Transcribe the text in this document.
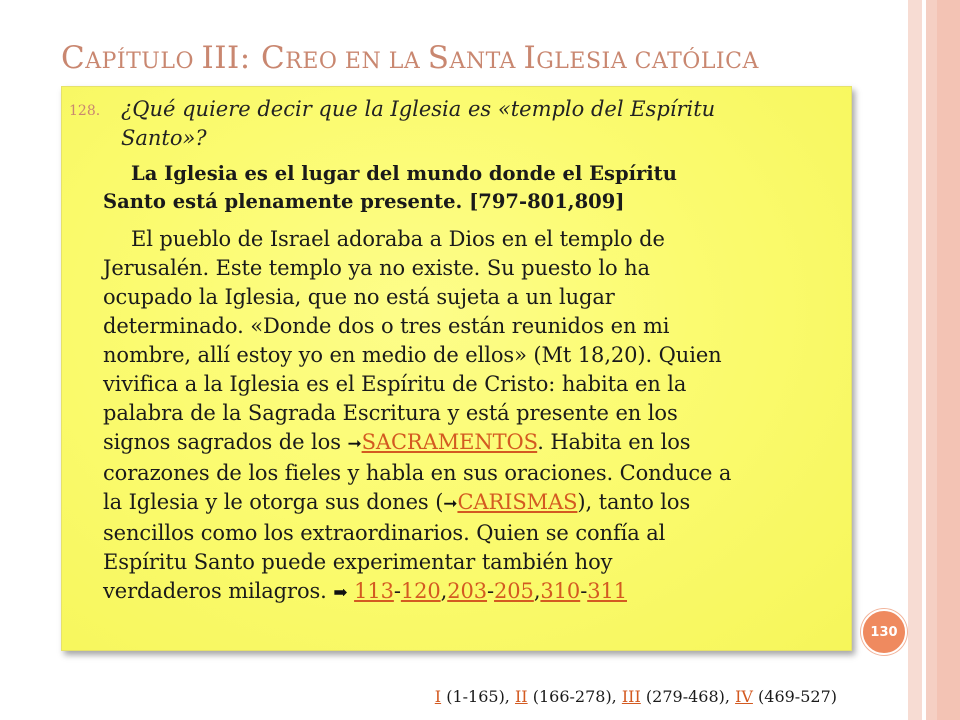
CAPÍTULO III: CREO EN LA SANTA IGLESIA CATÓLICA
128. ¿Qué quiere decir que la Iglesia es «templo del Espíritu
Santo»?
La Iglesia es el lugar del mundo donde el Espíritu
Santo está plenamente presente. [797-801,809]
El pueblo de Israel adoraba a Dios en el templo de
Jerusalén. Este templo ya no existe. Su puesto lo ha
ocupado la Iglesia, que no está sujeta a un lugar
determinado. «Donde dos o tres están reunidos en mi
nombre, allí estoy yo en medio de ellos» (Mt 18,20). Quien
vivifica a la Iglesia es el Espíritu de Cristo: habita en la
palabra de la Sagrada Escritura y está presente en los
signos sagrados de los ➞SACRAMENTOS. Habita en los
corazones de los fieles y habla en sus oraciones. Conduce a
la Iglesia y le otorga sus dones (➞CARISMAS), tanto los
sencillos como los extraordinarios. Quien se confía al
Espíritu Santo puede experimentar también hoy
verdaderos milagros. ➡ 113-120,203-205,310-311
130
I (1-165), II (166-278), III (279-468), IV (469-527)
